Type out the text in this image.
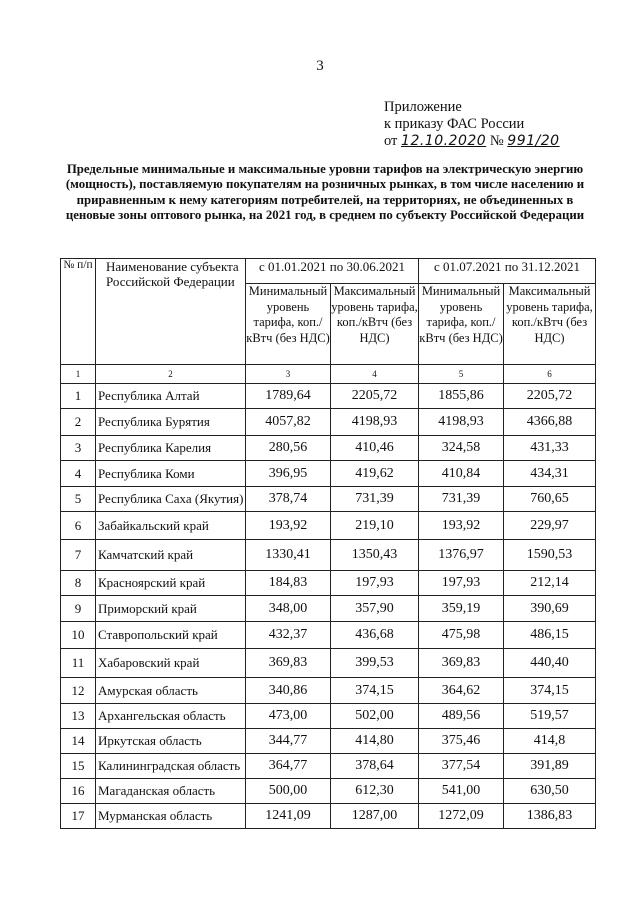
3
Приложение
к приказу ФАС России
от 12.10.2020 № 991/20
Предельные минимальные и максимальные уровни тарифов на электрическую энергию (мощность), поставляемую покупателям на розничных рынках, в том числе населению и приравненным к нему категориям потребителей, на территориях, не объединенных в ценовые зоны оптового рынка, на 2021 год, в среднем по субъекту Российской Федерации
№ п/п	Наименование субъекта Российской Федерации	с 01.01.2021 по 30.06.2021		с 01.07.2021 по 31.12.2021	
		Минимальный уровень тарифа, коп./кВтч (без НДС)	Максимальный уровень тарифа, коп./кВтч (без НДС)	Минимальный уровень тарифа, коп./кВтч (без НДС)	Максимальный уровень тарифа, коп./кВтч (без НДС)
1	2	3	4	5	6
1	Республика Алтай	1789,64	2205,72	1855,86	2205,72
2	Республика Бурятия	4057,82	4198,93	4198,93	4366,88
3	Республика Карелия	280,56	410,46	324,58	431,33
4	Республика Коми	396,95	419,62	410,84	434,31
5	Республика Саха (Якутия)	378,74	731,39	731,39	760,65
6	Забайкальский край	193,92	219,10	193,92	229,97
7	Камчатский край	1330,41	1350,43	1376,97	1590,53
8	Красноярский край	184,83	197,93	197,93	212,14
9	Приморский край	348,00	357,90	359,19	390,69
10	Ставропольский край	432,37	436,68	475,98	486,15
11	Хабаровский край	369,83	399,53	369,83	440,40
12	Амурская область	340,86	374,15	364,62	374,15
13	Архангельская область	473,00	502,00	489,56	519,57
14	Иркутская область	344,77	414,80	375,46	414,8
15	Калининградская область	364,77	378,64	377,54	391,89
16	Магаданская область	500,00	612,30	541,00	630,50
17	Мурманская область	1241,09	1287,00	1272,09	1386,83
